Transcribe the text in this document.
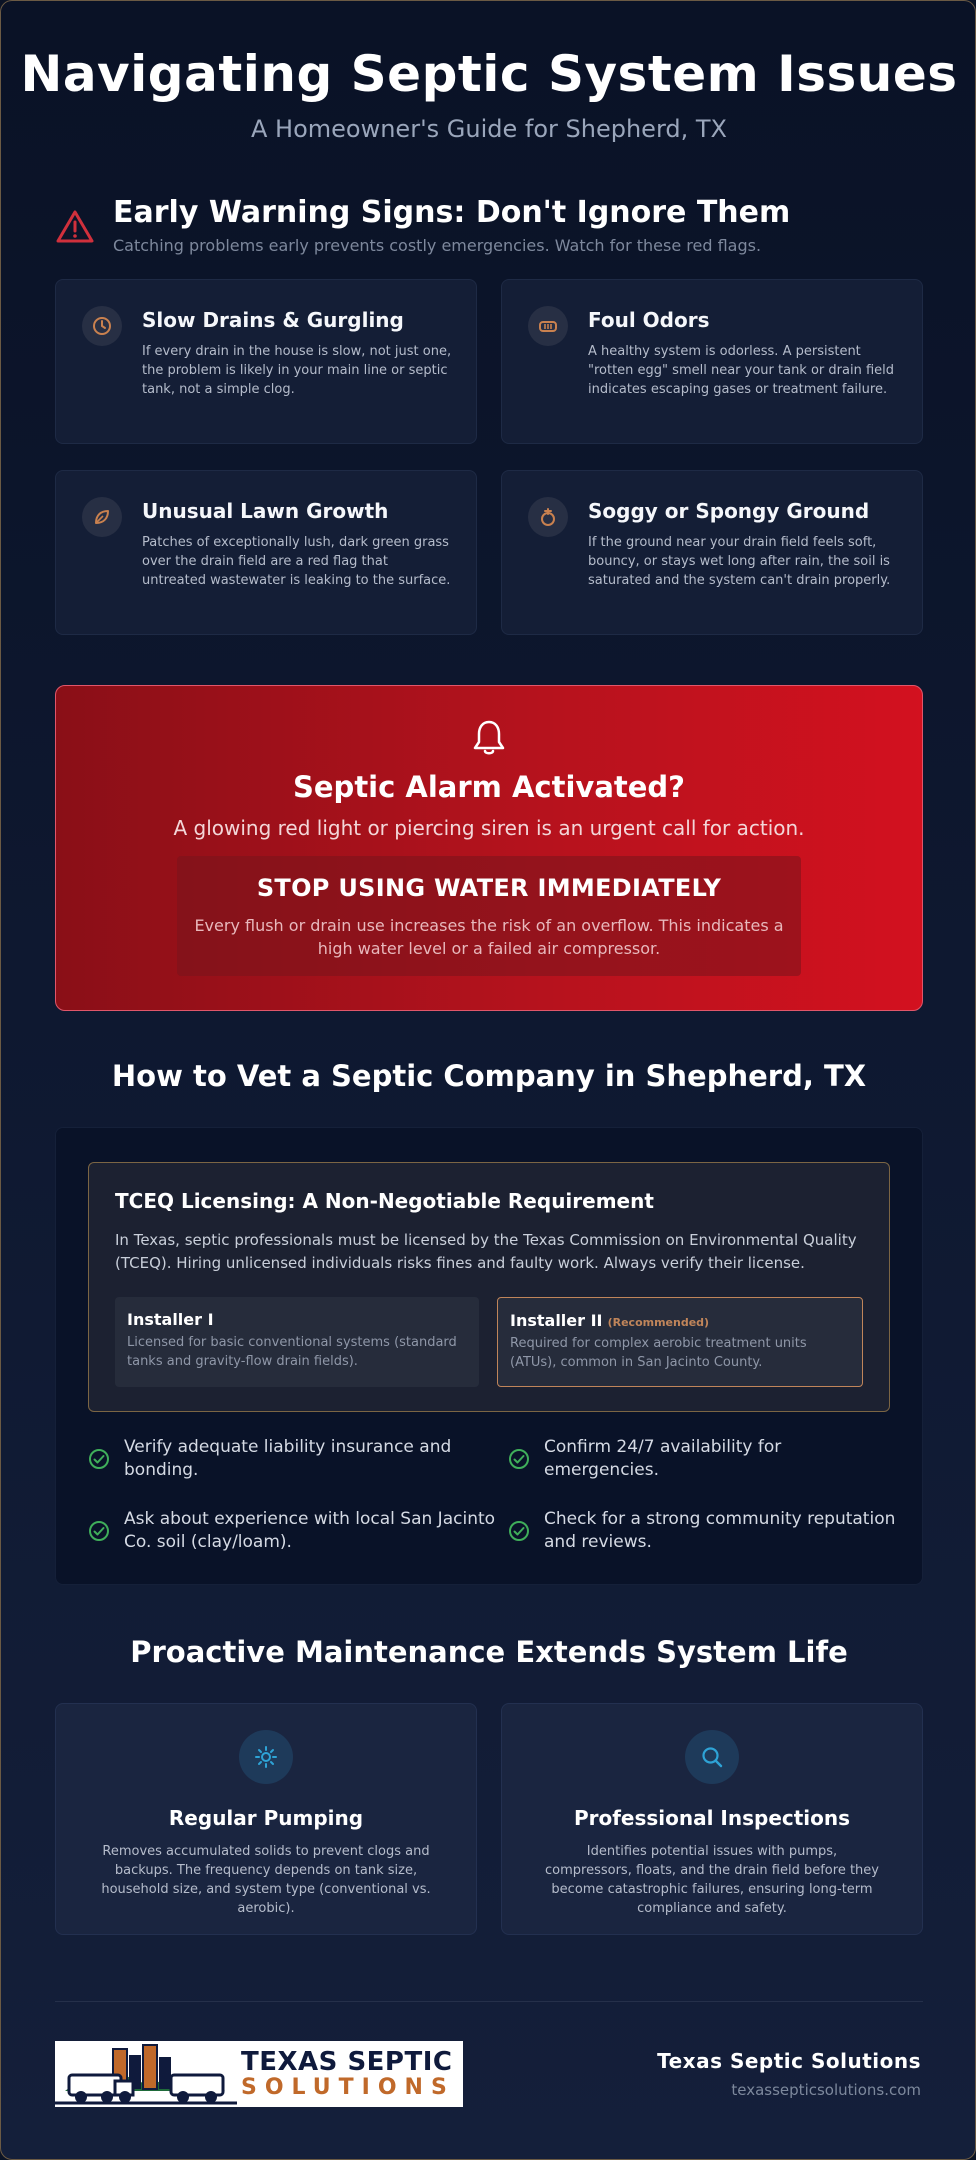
Navigating Septic System Issues
A Homeowner's Guide for Shepherd, TX
Early Warning Signs: Don't Ignore Them
Catching problems early prevents costly emergencies. Watch for these red flags.
Slow Drains & Gurgling
If every drain in the house is slow, not just one, the problem is likely in your main line or septic tank, not a simple clog.
Foul Odors
A healthy system is odorless. A persistent "rotten egg" smell near your tank or drain field indicates escaping gases or treatment failure.
Unusual Lawn Growth
Patches of exceptionally lush, dark green grass over the drain field are a red flag that untreated wastewater is leaking to the surface.
Soggy or Spongy Ground
If the ground near your drain field feels soft, bouncy, or stays wet long after rain, the soil is saturated and the system can't drain properly.
Septic Alarm Activated?
A glowing red light or piercing siren is an urgent call for action.
STOP USING WATER IMMEDIATELY
Every flush or drain use increases the risk of an overflow. This indicates a high water level or a failed air compressor.
How to Vet a Septic Company in Shepherd, TX
TCEQ Licensing: A Non-Negotiable Requirement
In Texas, septic professionals must be licensed by the Texas Commission on Environmental Quality (TCEQ). Hiring unlicensed individuals risks fines and faulty work. Always verify their license.
Installer I
Licensed for basic conventional systems (standard tanks and gravity-flow drain fields).
Installer II (Recommended)
Required for complex aerobic treatment units (ATUs), common in San Jacinto County.
Verify adequate liability insurance and bonding.
Confirm 24/7 availability for emergencies.
Ask about experience with local San Jacinto Co. soil (clay/loam).
Check for a strong community reputation and reviews.
Proactive Maintenance Extends System Life
Regular Pumping
Removes accumulated solids to prevent clogs and backups. The frequency depends on tank size, household size, and system type (conventional vs. aerobic).
Professional Inspections
Identifies potential issues with pumps, compressors, floats, and the drain field before they become catastrophic failures, ensuring long-term compliance and safety.
TEXAS SEPTIC
SOLUTIONS
Texas Septic Solutions
texassepticsolutions.com
